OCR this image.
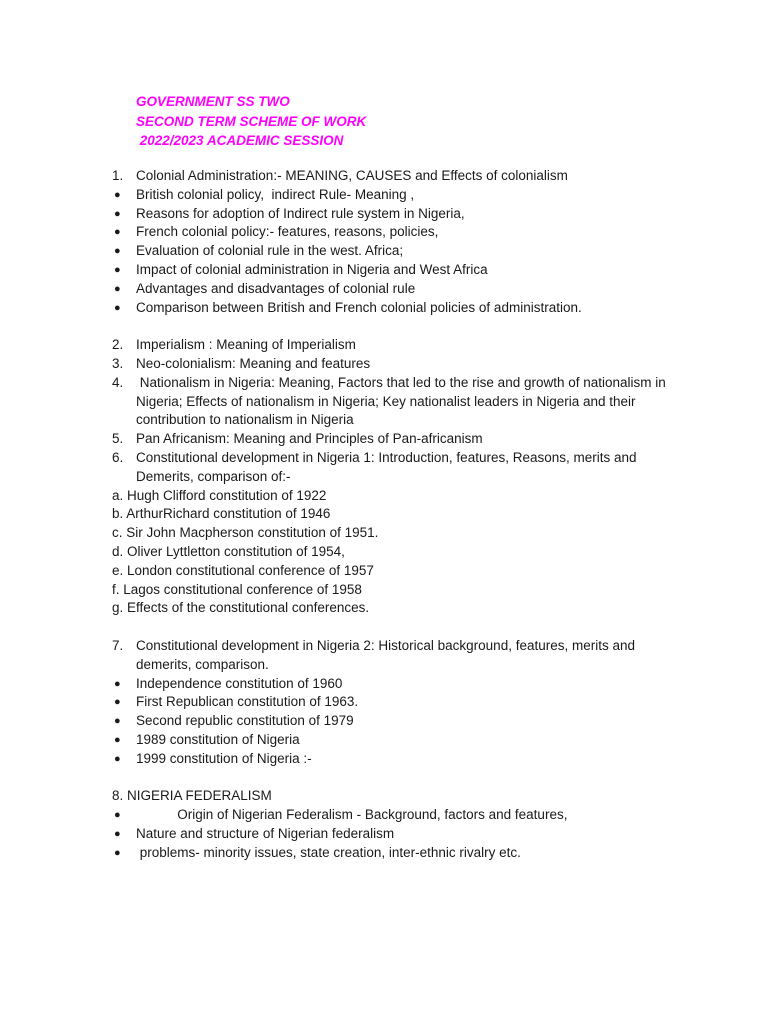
GOVERNMENT SS TWO
SECOND TERM SCHEME OF WORK
2022/2023 ACADEMIC SESSION
1. Colonial Administration:- MEANING, CAUSES and Effects of colonialism
●	British colonial policy,  indirect Rule- Meaning ,
●	Reasons for adoption of Indirect rule system in Nigeria,
●	French colonial policy:- features, reasons, policies,
●	Evaluation of colonial rule in the west. Africa;
●	Impact of colonial administration in Nigeria and West Africa
●	Advantages and disadvantages of colonial rule
●	Comparison between British and French colonial policies of administration.
2. Imperialism : Meaning of Imperialism
3. Neo-colonialism: Meaning and features
4. Nationalism in Nigeria: Meaning, Factors that led to the rise and growth of nationalism in Nigeria; Effects of nationalism in Nigeria; Key nationalist leaders in Nigeria and their contribution to nationalism in Nigeria
5. Pan Africanism: Meaning and Principles of Pan-africanism
6. Constitutional development in Nigeria 1: Introduction, features, Reasons, merits and Demerits, comparison of:-
a. Hugh Clifford constitution of 1922
b. ArthurRichard constitution of 1946
c. Sir John Macpherson constitution of 1951.
d. Oliver Lyttletton constitution of 1954,
e. London constitutional conference of 1957
f. Lagos constitutional conference of 1958
g. Effects of the constitutional conferences.
7. Constitutional development in Nigeria 2: Historical background, features, merits and demerits, comparison.
●	Independence constitution of 1960
●	First Republican constitution of 1963.
●	Second republic constitution of 1979
●	1989 constitution of Nigeria
●	1999 constitution of Nigeria :-
8. NIGERIA FEDERALISM
●	Origin of Nigerian Federalism - Background, factors and features,
●	Nature and structure of Nigerian federalism
●	problems- minority issues, state creation, inter-ethnic rivalry etc.
